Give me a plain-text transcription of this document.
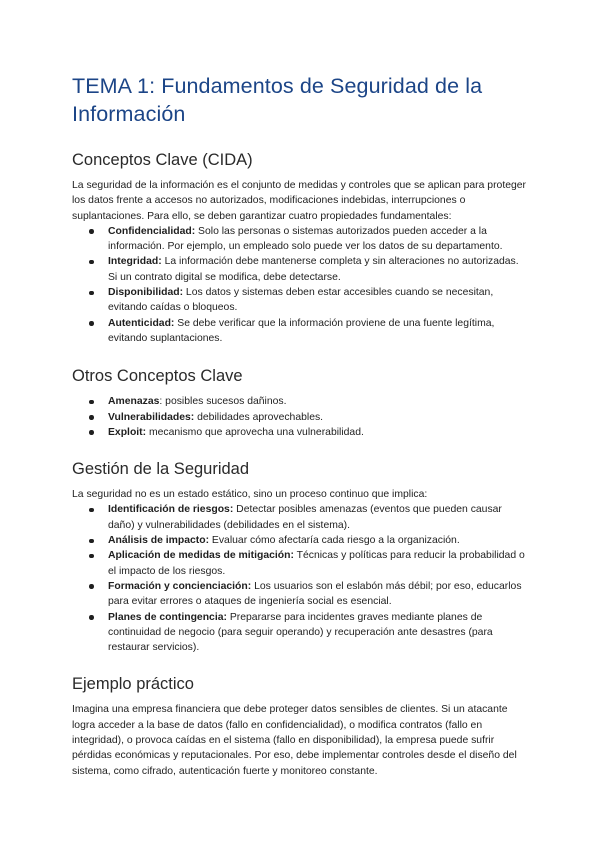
TEMA 1: Fundamentos de Seguridad de la Información
Conceptos Clave (CIDA)

La seguridad de la información es el conjunto de medidas y controles que se aplican para proteger los datos frente a accesos no autorizados, modificaciones indebidas, interrupciones o suplantaciones. Para ello, se deben garantizar cuatro propiedades fundamentales:

Confidencialidad: Solo las personas o sistemas autorizados pueden acceder a la información. Por ejemplo, un empleado solo puede ver los datos de su departamento.
Integridad: La información debe mantenerse completa y sin alteraciones no autorizadas. Si un contrato digital se modifica, debe detectarse.
Disponibilidad: Los datos y sistemas deben estar accesibles cuando se necesitan, evitando caídas o bloqueos.
Autenticidad: Se debe verificar que la información proviene de una fuente legítima, evitando suplantaciones.
Otros Conceptos Clave
Amenazas: posibles sucesos dañinos.
Vulnerabilidades: debilidades aprovechables.
Exploit: mecanismo que aprovecha una vulnerabilidad.
Gestión de la Seguridad

La seguridad no es un estado estático, sino un proceso continuo que implica:

Identificación de riesgos: Detectar posibles amenazas (eventos que pueden causar daño) y vulnerabilidades (debilidades en el sistema).
Análisis de impacto: Evaluar cómo afectaría cada riesgo a la organización.
Aplicación de medidas de mitigación: Técnicas y políticas para reducir la probabilidad o el impacto de los riesgos.
Formación y concienciación: Los usuarios son el eslabón más débil; por eso, educarlos para evitar errores o ataques de ingeniería social es esencial.
Planes de contingencia: Prepararse para incidentes graves mediante planes de continuidad de negocio (para seguir operando) y recuperación ante desastres (para restaurar servicios).
Ejemplo práctico

Imagina una empresa financiera que debe proteger datos sensibles de clientes. Si un atacante logra acceder a la base de datos (fallo en confidencialidad), o modifica contratos (fallo en integridad), o provoca caídas en el sistema (fallo en disponibilidad), la empresa puede sufrir pérdidas económicas y reputacionales. Por eso, debe implementar controles desde el diseño del sistema, como cifrado, autenticación fuerte y monitoreo constante.
